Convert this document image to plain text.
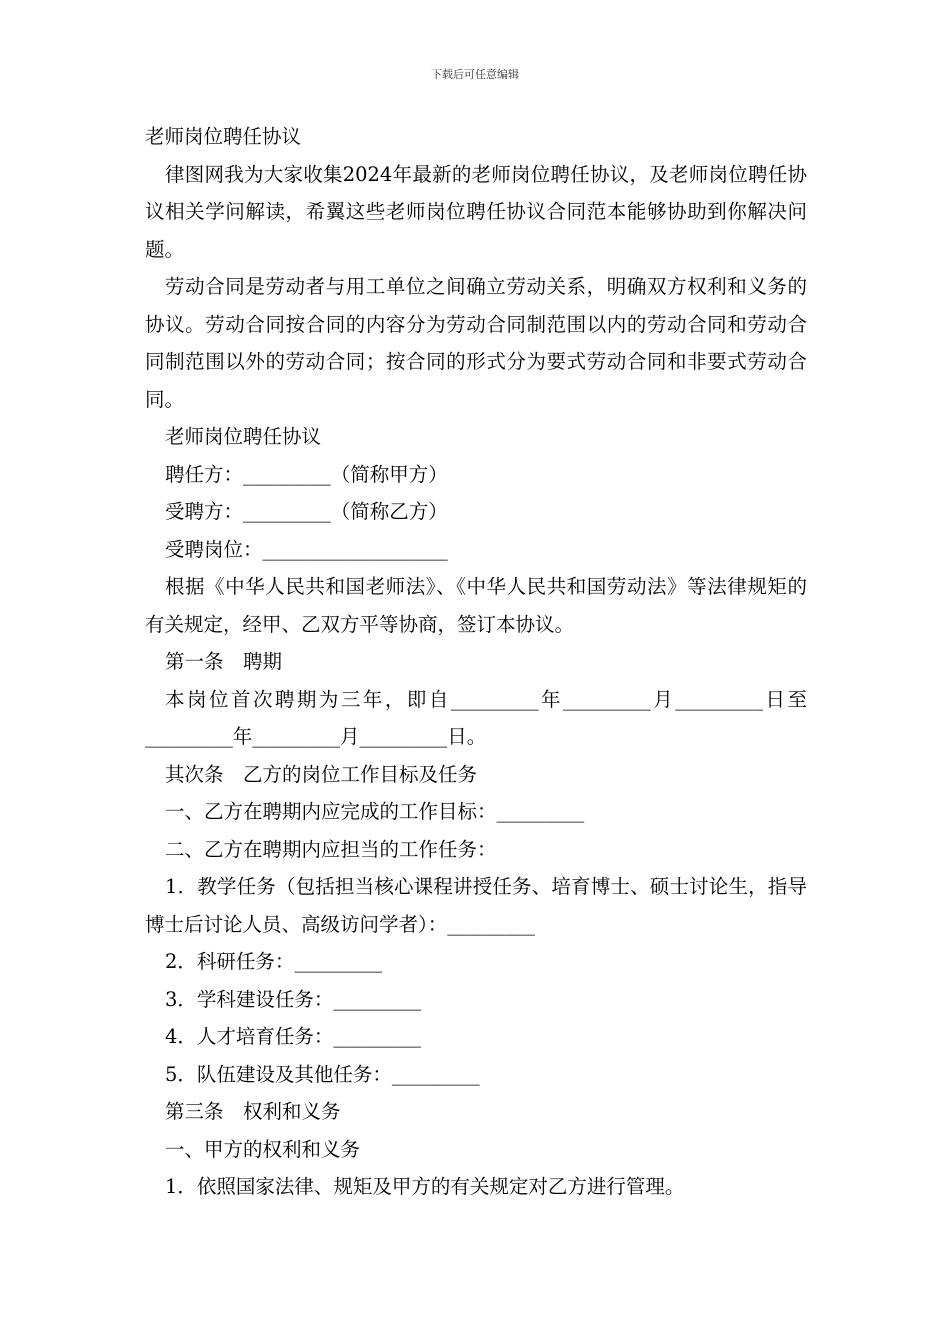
下载后可任意编辑

老师岗位聘任协议

律图网我为大家收集2024年最新的老师岗位聘任协议，及老师岗位聘任协议相关学问解读，希翼这些老师岗位聘任协议合同范本能够协助到你解决问题。

劳动合同是劳动者与用工单位之间确立劳动关系，明确双方权利和义务的协议。劳动合同按合同的内容分为劳动合同制范围以内的劳动合同和劳动合同制范围以外的劳动合同；按合同的形式分为要式劳动合同和非要式劳动合同。

老师岗位聘任协议

聘任方：_________（简称甲方）

受聘方：_________（简称乙方）

受聘岗位：___________________

根据《中华人民共和国老师法》、《中华人民共和国劳动法》等法律规矩的有关规定，经甲、乙双方平等协商，签订本协议。

第一条　聘期

本岗位首次聘期为三年，即自_________年_________月_________日至_________年_________月_________日。

其次条　乙方的岗位工作目标及任务

一、乙方在聘期内应完成的工作目标：_________

二、乙方在聘期内应担当的工作任务：

1．教学任务（包括担当核心课程讲授任务、培育博士、硕士讨论生，指导博士后讨论人员、高级访问学者）：_________

2．科研任务：_________

3．学科建设任务：_________

4．人才培育任务：_________

5．队伍建设及其他任务：_________

第三条　权利和义务

一、甲方的权利和义务

1．依照国家法律、规矩及甲方的有关规定对乙方进行管理。
